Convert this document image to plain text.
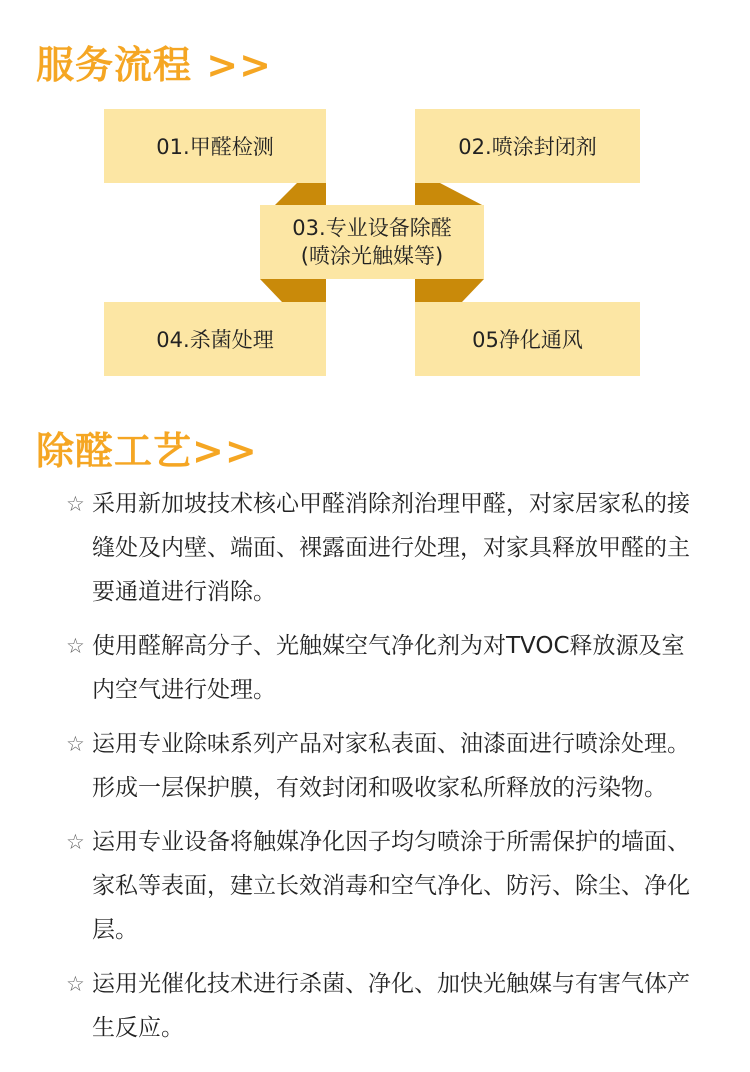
服务流程 >>
01.甲醛检测	02.喷涂封闭剂
03.专业设备除醛
(喷涂光触媒等)
04.杀菌处理	05净化通风
除醛工艺>>
☆ 采用新加坡技术核心甲醛消除剂治理甲醛，对家居家私的接缝处及内壁、端面、裸露面进行处理，对家具释放甲醛的主要通道进行消除。
☆ 使用醛解高分子、光触媒空气净化剂为对TVOC释放源及室内空气进行处理。
☆ 运用专业除味系列产品对家私表面、油漆面进行喷涂处理。形成一层保护膜，有效封闭和吸收家私所释放的污染物。
☆ 运用专业设备将触媒净化因子均匀喷涂于所需保护的墙面、家私等表面，建立长效消毒和空气净化、防污、除尘、净化层。
☆ 运用光催化技术进行杀菌、净化、加快光触媒与有害气体产生反应。
